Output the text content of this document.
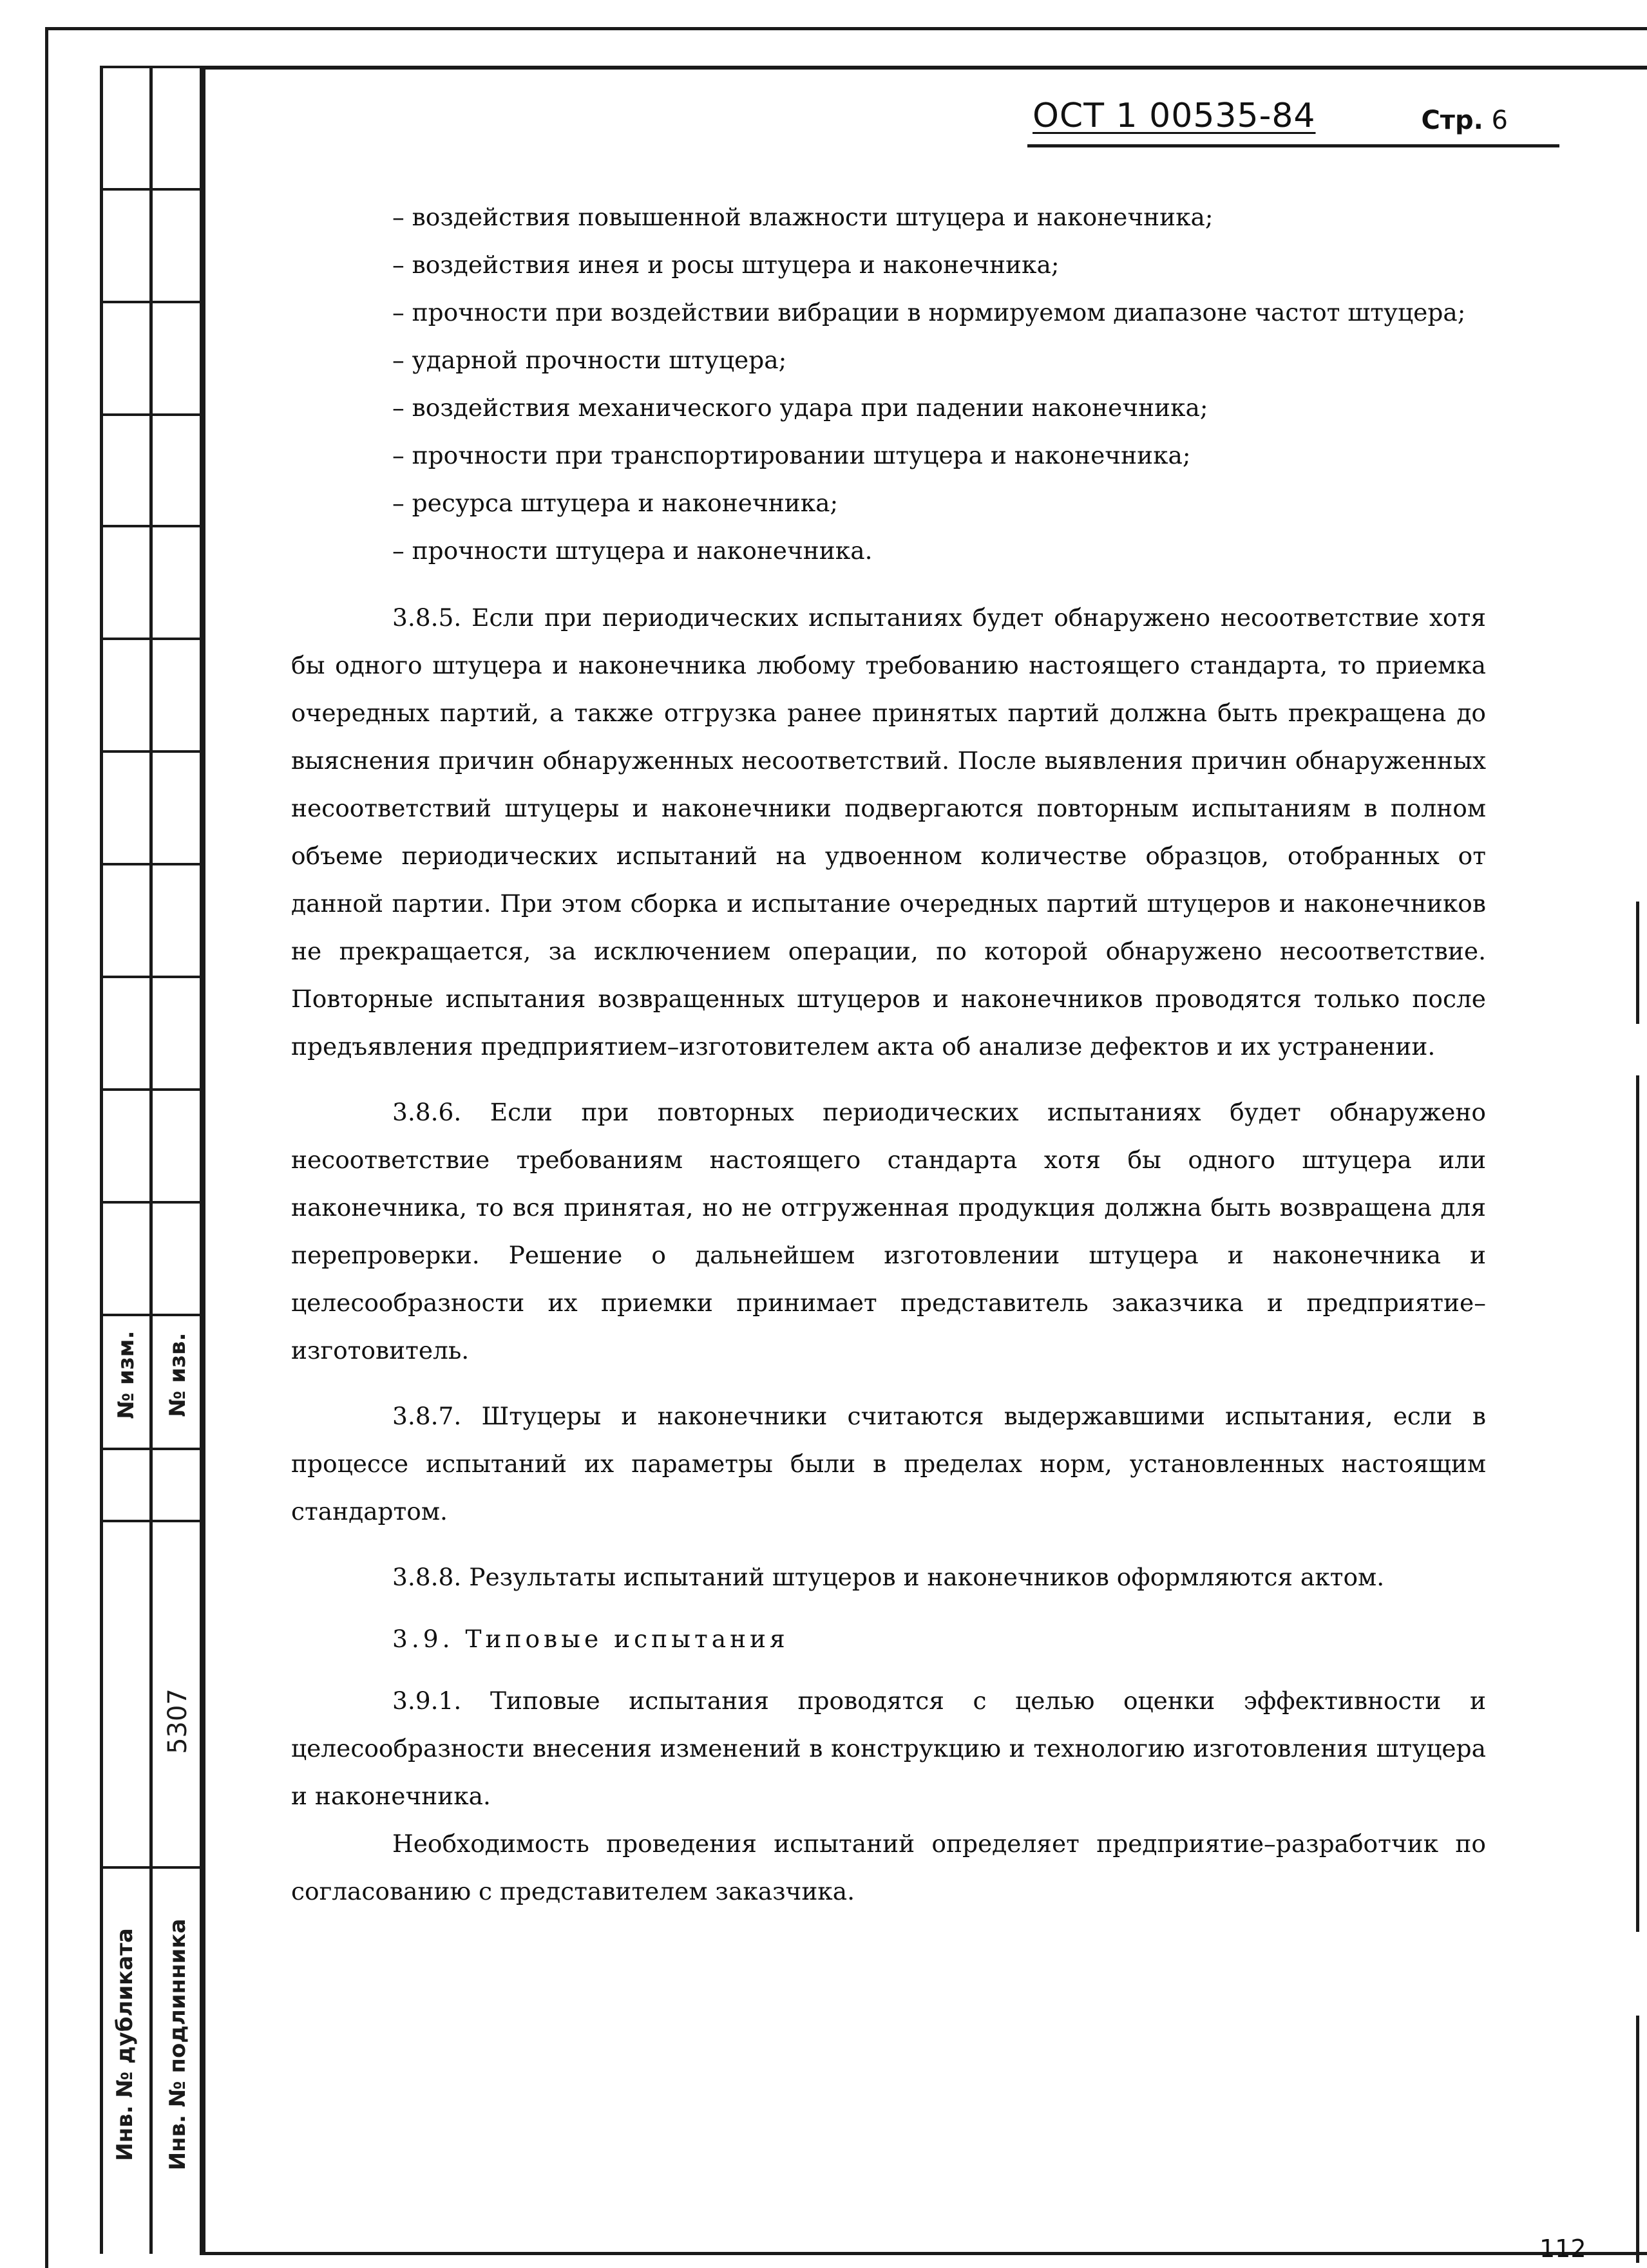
№ изм. № изв.
5307
Инв. № дубликата Инв. № подлинника
ОСТ 1 00535-84	Стр. 6

– воздействия повышенной влажности штуцера и наконечника;

– воздействия инея и росы штуцера и наконечника;

– прочности при воздействии вибрации в нормируемом диапазоне частот штуцера;

– ударной прочности штуцера;

– воздействия механического удара при падении наконечника;

– прочности при транспортировании штуцера и наконечника;

– ресурса штуцера и наконечника;

– прочности штуцера и наконечника.

3.8.5. Если при периодических испытаниях будет обнаружено несоответствие хотя бы одного штуцера и наконечника любому требованию настоящего стандарта, то приемка очередных партий, а также отгрузка ранее принятых партий должна быть прекращена до выяснения причин обнаруженных несоответствий. После выявления причин обнаруженных несоответствий штуцеры и наконечники подвергаются повторным испытаниям в полном объеме периодических испытаний на удвоенном количестве образцов, отобранных от данной партии. При этом сборка и испытание очередных партий штуцеров и наконечников не прекращается, за исключением операции, по которой обнаружено несоответствие. Повторные испытания возвращенных штуцеров и наконечников проводятся только после предъявления предприятием–изготовителем акта об анализе дефектов и их устранении.

3.8.6. Если при повторных периодических испытаниях будет обнаружено несоответствие требованиям настоящего стандарта хотя бы одного штуцера или наконечника, то вся принятая, но не отгруженная продукция должна быть возвращена для перепроверки. Решение о дальнейшем изготовлении штуцера и наконечника и целесообразности их приемки принимает представитель заказчика и предприятие–изготовитель.

3.8.7. Штуцеры и наконечники считаются выдержавшими испытания, если в процессе испытаний их параметры были в пределах норм, установленных настоящим стандартом.

3.8.8. Результаты испытаний штуцеров и наконечников оформляются актом.

3.9. Типовые испытания

3.9.1. Типовые испытания проводятся с целью оценки эффективности и целесообразности внесения изменений в конструкцию и технологию изготовления штуцера и наконечника.

Необходимость проведения испытаний определяет предприятие–разработчик по согласованию с представителем заказчика.

112
